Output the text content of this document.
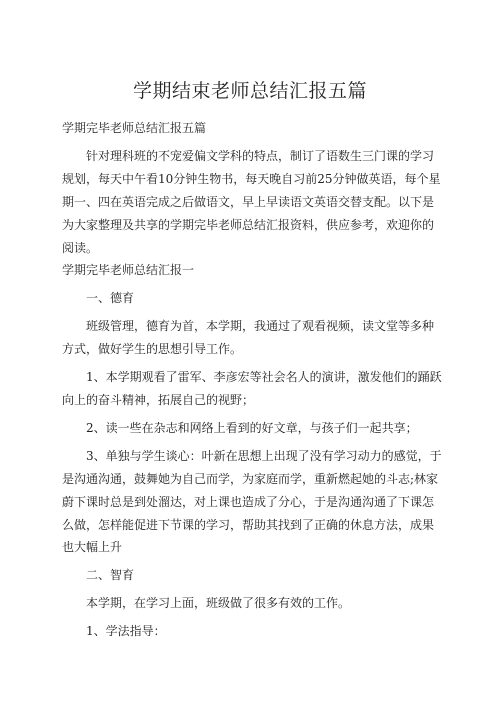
学期结束老师总结汇报五篇

学期完毕老师总结汇报五篇

针对理科班的不宠爱偏文学科的特点，制订了语数生三门课的学习规划，每天中午看10分钟生物书，每天晚自习前25分钟做英语，每个星期一、四在英语完成之后做语文，早上早读语文英语交替支配。以下是为大家整理及共享的学期完毕老师总结汇报资料，供应参考，欢迎你的阅读。

学期完毕老师总结汇报一

一、德育

班级管理，德育为首，本学期，我通过了观看视频，读文堂等多种方式，做好学生的思想引导工作。

1、本学期观看了雷军、李彦宏等社会名人的演讲，激发他们的踊跃向上的奋斗精神，拓展自己的视野；

2、读一些在杂志和网络上看到的好文章，与孩子们一起共享；

3、单独与学生谈心：叶新在思想上出现了没有学习动力的感觉，于是沟通沟通，鼓舞她为自己而学，为家庭而学，重新燃起她的斗志;林家蔚下课时总是到处溜达，对上课也造成了分心，于是沟通沟通了下课怎么做，怎样能促进下节课的学习，帮助其找到了正确的休息方法，成果也大幅上升

二、智育

本学期，在学习上面，班级做了很多有效的工作。

1、学法指导：
